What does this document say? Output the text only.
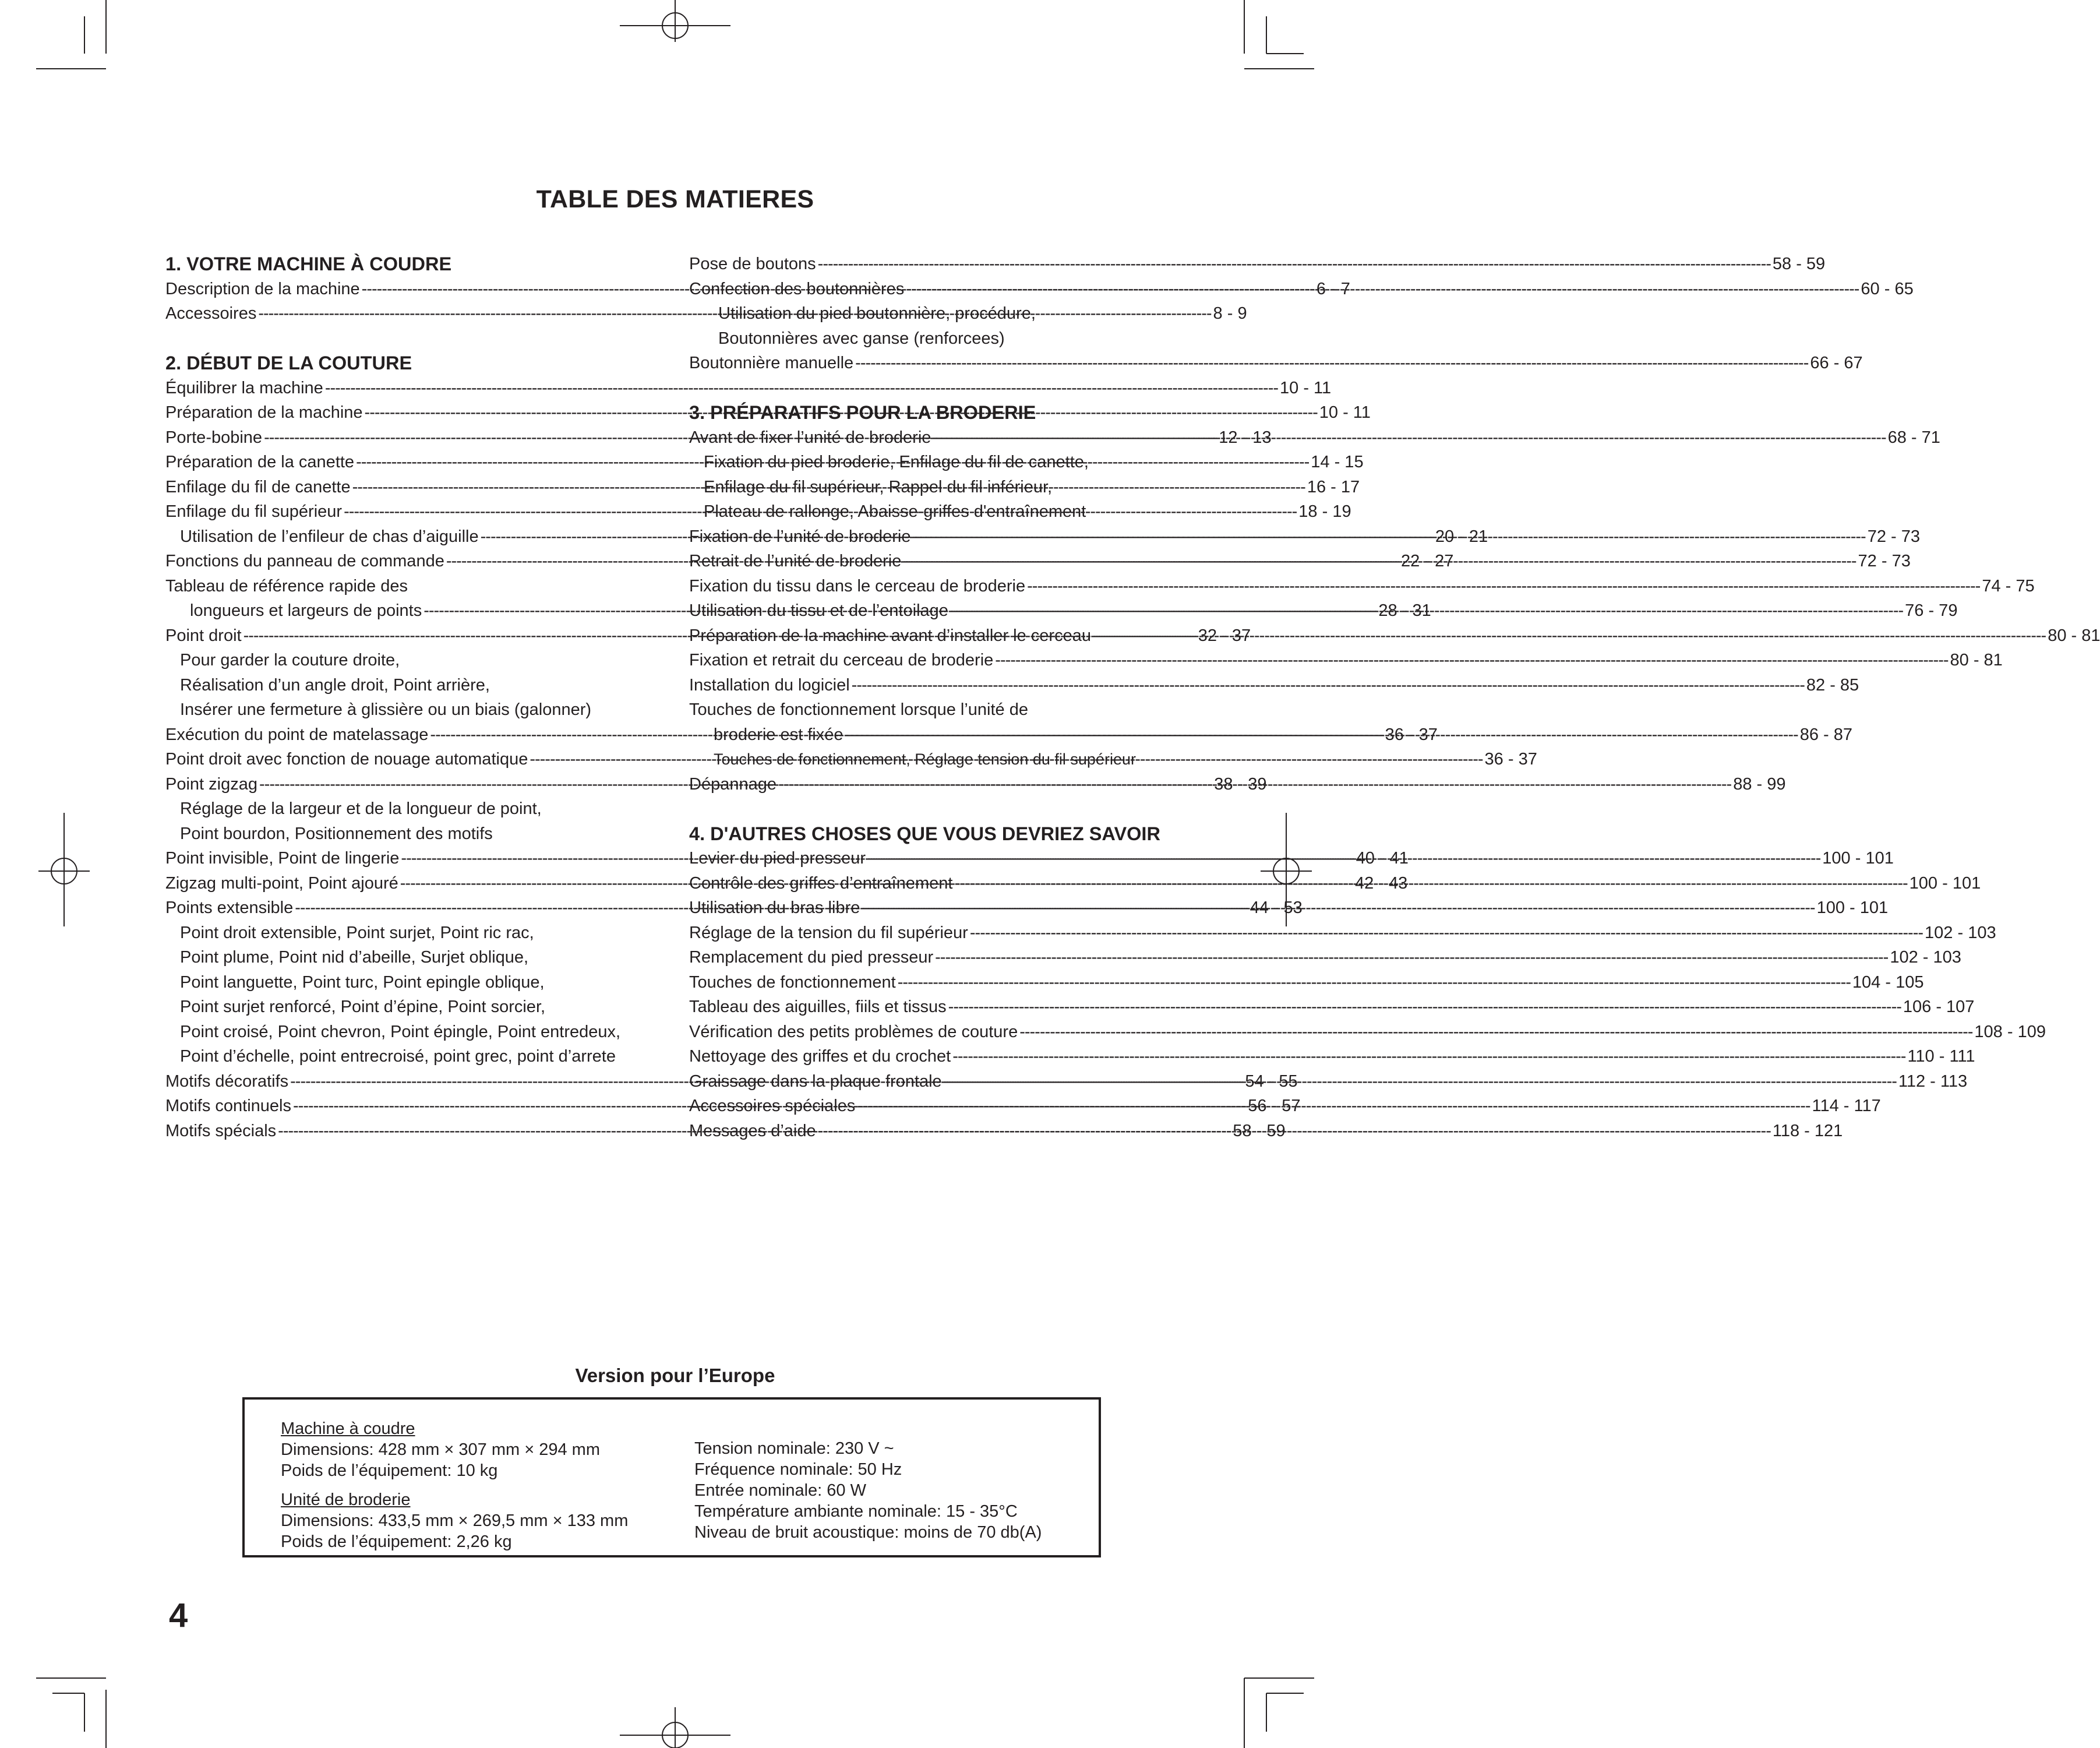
TABLE DES MATIERES
1. VOTRE MACHINE À COUDRE
Description de la machine -----	6 - 7
Accessoires -----	8 - 9
2. DÉBUT DE LA COUTURE
Équilibrer la machine -----	10 - 11
Préparation de la machine -----	10 - 11
Porte-bobine -----	12 - 13
Préparation de la canette -----	14 - 15
Enfilage du fil de canette -----	16 - 17
Enfilage du fil supérieur -----	18 - 19
Utilisation de l’enfileur de chas d’aiguille -----	20 - 21
Fonctions du panneau de commande -----	22 - 27
Tableau de référence rapide des
longueurs et largeurs de points -----	28 - 31
Point droit -----	32 - 37
Pour garder la couture droite,
Réalisation d’un angle droit, Point arrière,
Insérer une fermeture à glissière ou un biais (galonner)
Exécution du point de matelassage -----	36 - 37
Point droit avec fonction de nouage automatique -----	36 - 37
Point zigzag -----	38 - 39
Réglage de la largeur et de la longueur de point,
Point bourdon, Positionnement des motifs
Point invisible, Point de lingerie -----	40 - 41
Zigzag multi-point, Point ajouré -----	42 - 43
Points extensible -----	44 - 53
Point droit extensible, Point surjet, Point ric rac,
Point plume, Point nid d’abeille, Surjet oblique,
Point languette, Point turc, Point epingle oblique,
Point surjet renforcé, Point d’épine, Point sorcier,
Point croisé, Point chevron, Point épingle, Point entredeux,
Point d’échelle, point entrecroisé, point grec, point d’arrete
Motifs décoratifs -----	54 - 55
Motifs continuels -----	56 - 57
Motifs spécials -----	58 - 59
Pose de boutons -----	58 - 59
Confection des boutonnières -----	60 - 65
Utilisation du pied boutonnière, procédure,
Boutonnières avec ganse (renforcees)
Boutonnière manuelle -----	66 - 67
3. PRÉPARATIFS POUR LA BRODERIE
Avant de fixer l’unité de broderie -----	68 - 71
Fixation du pied broderie, Enfilage du fil de canette,
Enfilage du fil supérieur, Rappel du fil inférieur,
Plateau de rallonge, Abaisse-griffes d'entraînement
Fixation de l’unité de broderie -----	72 - 73
Retrait de l’unité de broderie -----	72 - 73
Fixation du tissu dans le cerceau de broderie -----	74 - 75
Utilisation du tissu et de l’entoilage -----	76 - 79
Préparation de la machine avant d’installer le cerceau -----	80 - 81
Fixation et retrait du cerceau de broderie -----	80 - 81
Installation du logiciel -----	82 - 85
Touches de fonctionnement lorsque l’unité de
broderie est fixée -----	86 - 87
Touches de fonctionnement, Réglage tension du fil supérieur
Dépannage -----	88 - 99
4. D'AUTRES CHOSES QUE VOUS DEVRIEZ SAVOIR
Levier du pied presseur -----	100 - 101
Contrôle des griffes d’entraînement -----	100 - 101
Utilisation du bras libre -----	100 - 101
Réglage de la tension du fil supérieur -----	102 - 103
Remplacement du pied presseur -----	102 - 103
Touches de fonctionnement -----	104 - 105
Tableau des aiguilles, fiils et tissus -----	106 - 107
Vérification des petits problèmes de couture -----	108 - 109
Nettoyage des griffes et du crochet -----	110 - 111
Graissage dans la plaque frontale -----	112 - 113
Accessoires spéciales -----	114 - 117
Messages d’aide -----	118 - 121
Version pour l’Europe
Machine à coudre
Dimensions: 428 mm × 307 mm × 294 mm
Poids de l’équipement: 10 kg
Unité de broderie
Dimensions: 433,5 mm × 269,5 mm × 133 mm
Poids de l’équipement: 2,26 kg
Tension nominale: 230 V ~
Fréquence nominale: 50 Hz
Entrée nominale: 60 W
Température ambiante nominale: 15 - 35°C
Niveau de bruit acoustique: moins de 70 db(A)
4
